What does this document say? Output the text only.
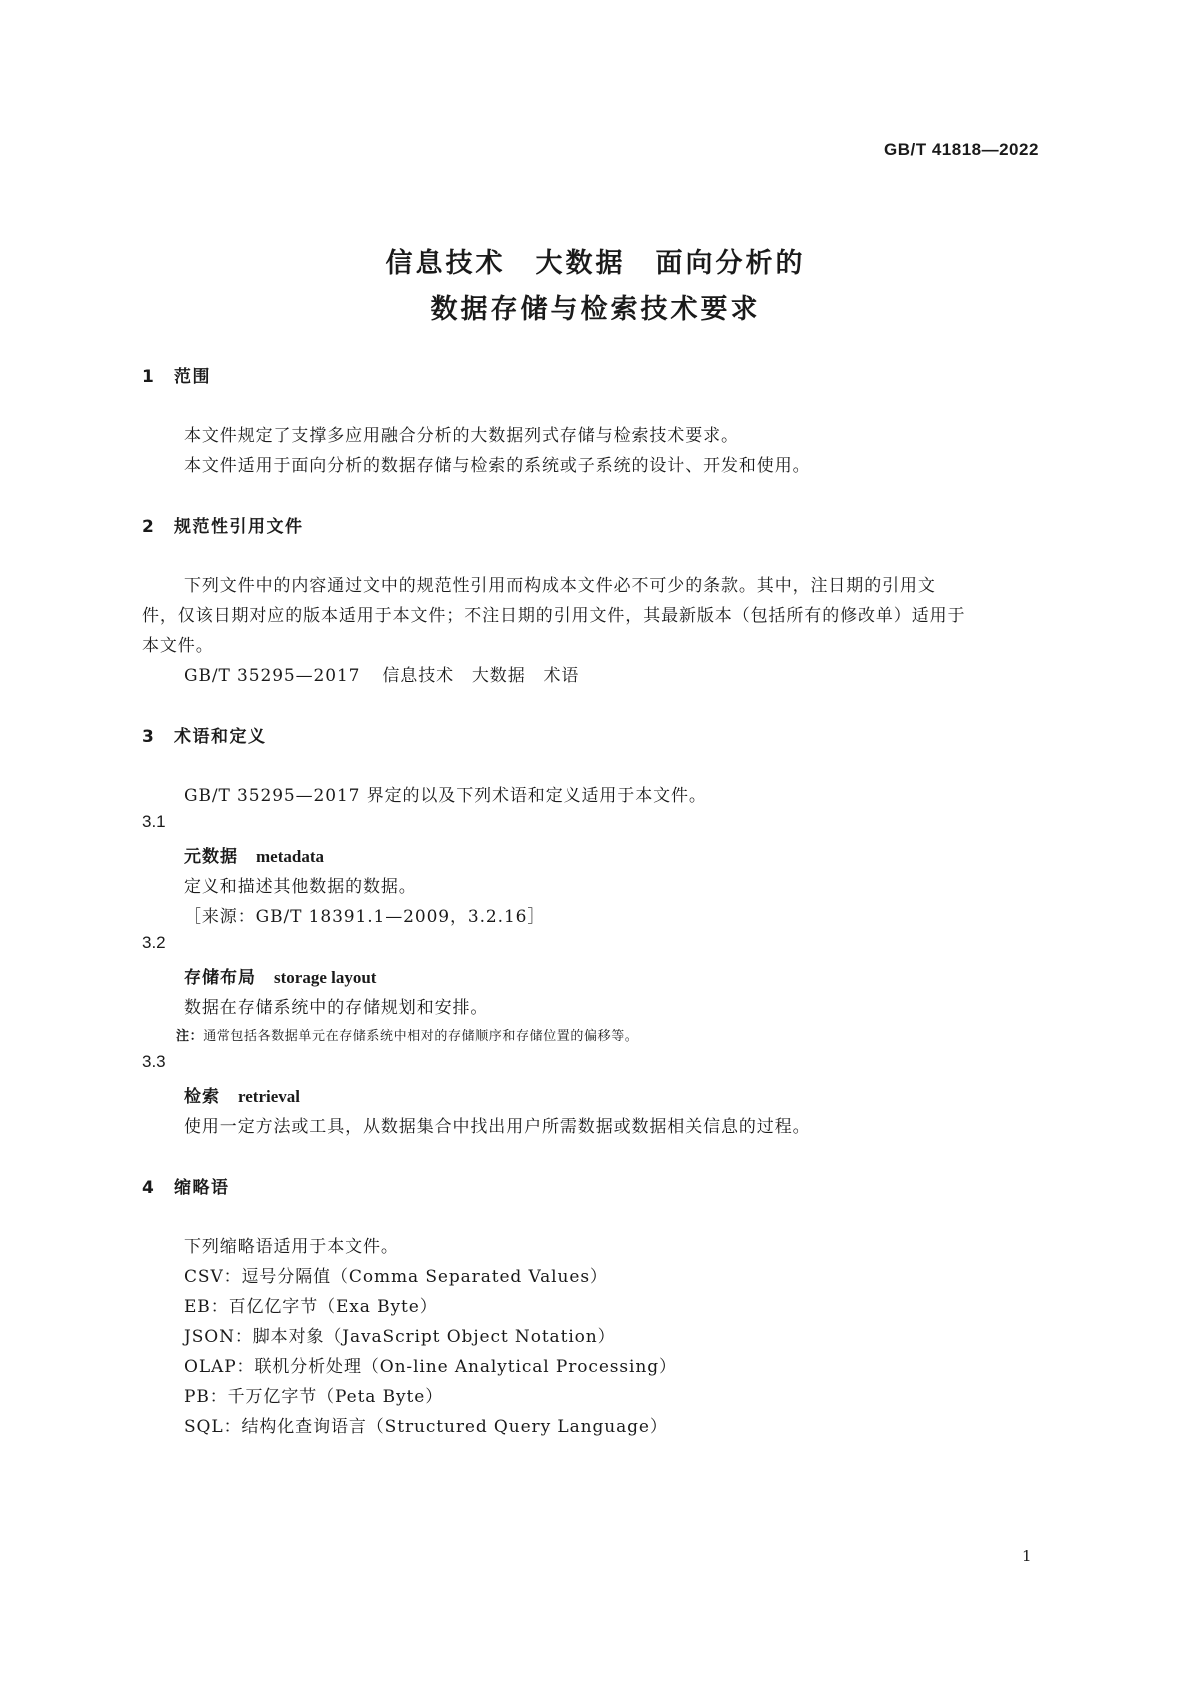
GB/T 41818—2022
信息技术　大数据　面向分析的
数据存储与检索技术要求
1 范围
本文件规定了支撑多应用融合分析的大数据列式存储与检索技术要求。
本文件适用于面向分析的数据存储与检索的系统或子系统的设计、开发和使用。
2 规范性引用文件
下列文件中的内容通过文中的规范性引用而构成本文件必不可少的条款。其中，注日期的引用文
件，仅该日期对应的版本适用于本文件；不注日期的引用文件，其最新版本（包括所有的修改单）适用于
本文件。
GB/T 35295—2017 信息技术　大数据　术语
3 术语和定义
GB/T 35295—2017 界定的以及下列术语和定义适用于本文件。
3.1
元数据 metadata
定义和描述其他数据的数据。
［来源：GB/T 18391.1—2009，3.2.16］
3.2
存储布局 storage layout
数据在存储系统中的存储规划和安排。
注：通常包括各数据单元在存储系统中相对的存储顺序和存储位置的偏移等。
3.3
检索 retrieval
使用一定方法或工具，从数据集合中找出用户所需数据或数据相关信息的过程。
4 缩略语
下列缩略语适用于本文件。
CSV：逗号分隔值（Comma Separated Values）
EB：百亿亿字节（Exa Byte）
JSON：脚本对象（JavaScript Object Notation）
OLAP：联机分析处理（On-line Analytical Processing）
PB：千万亿字节（Peta Byte）
SQL：结构化查询语言（Structured Query Language）
1
